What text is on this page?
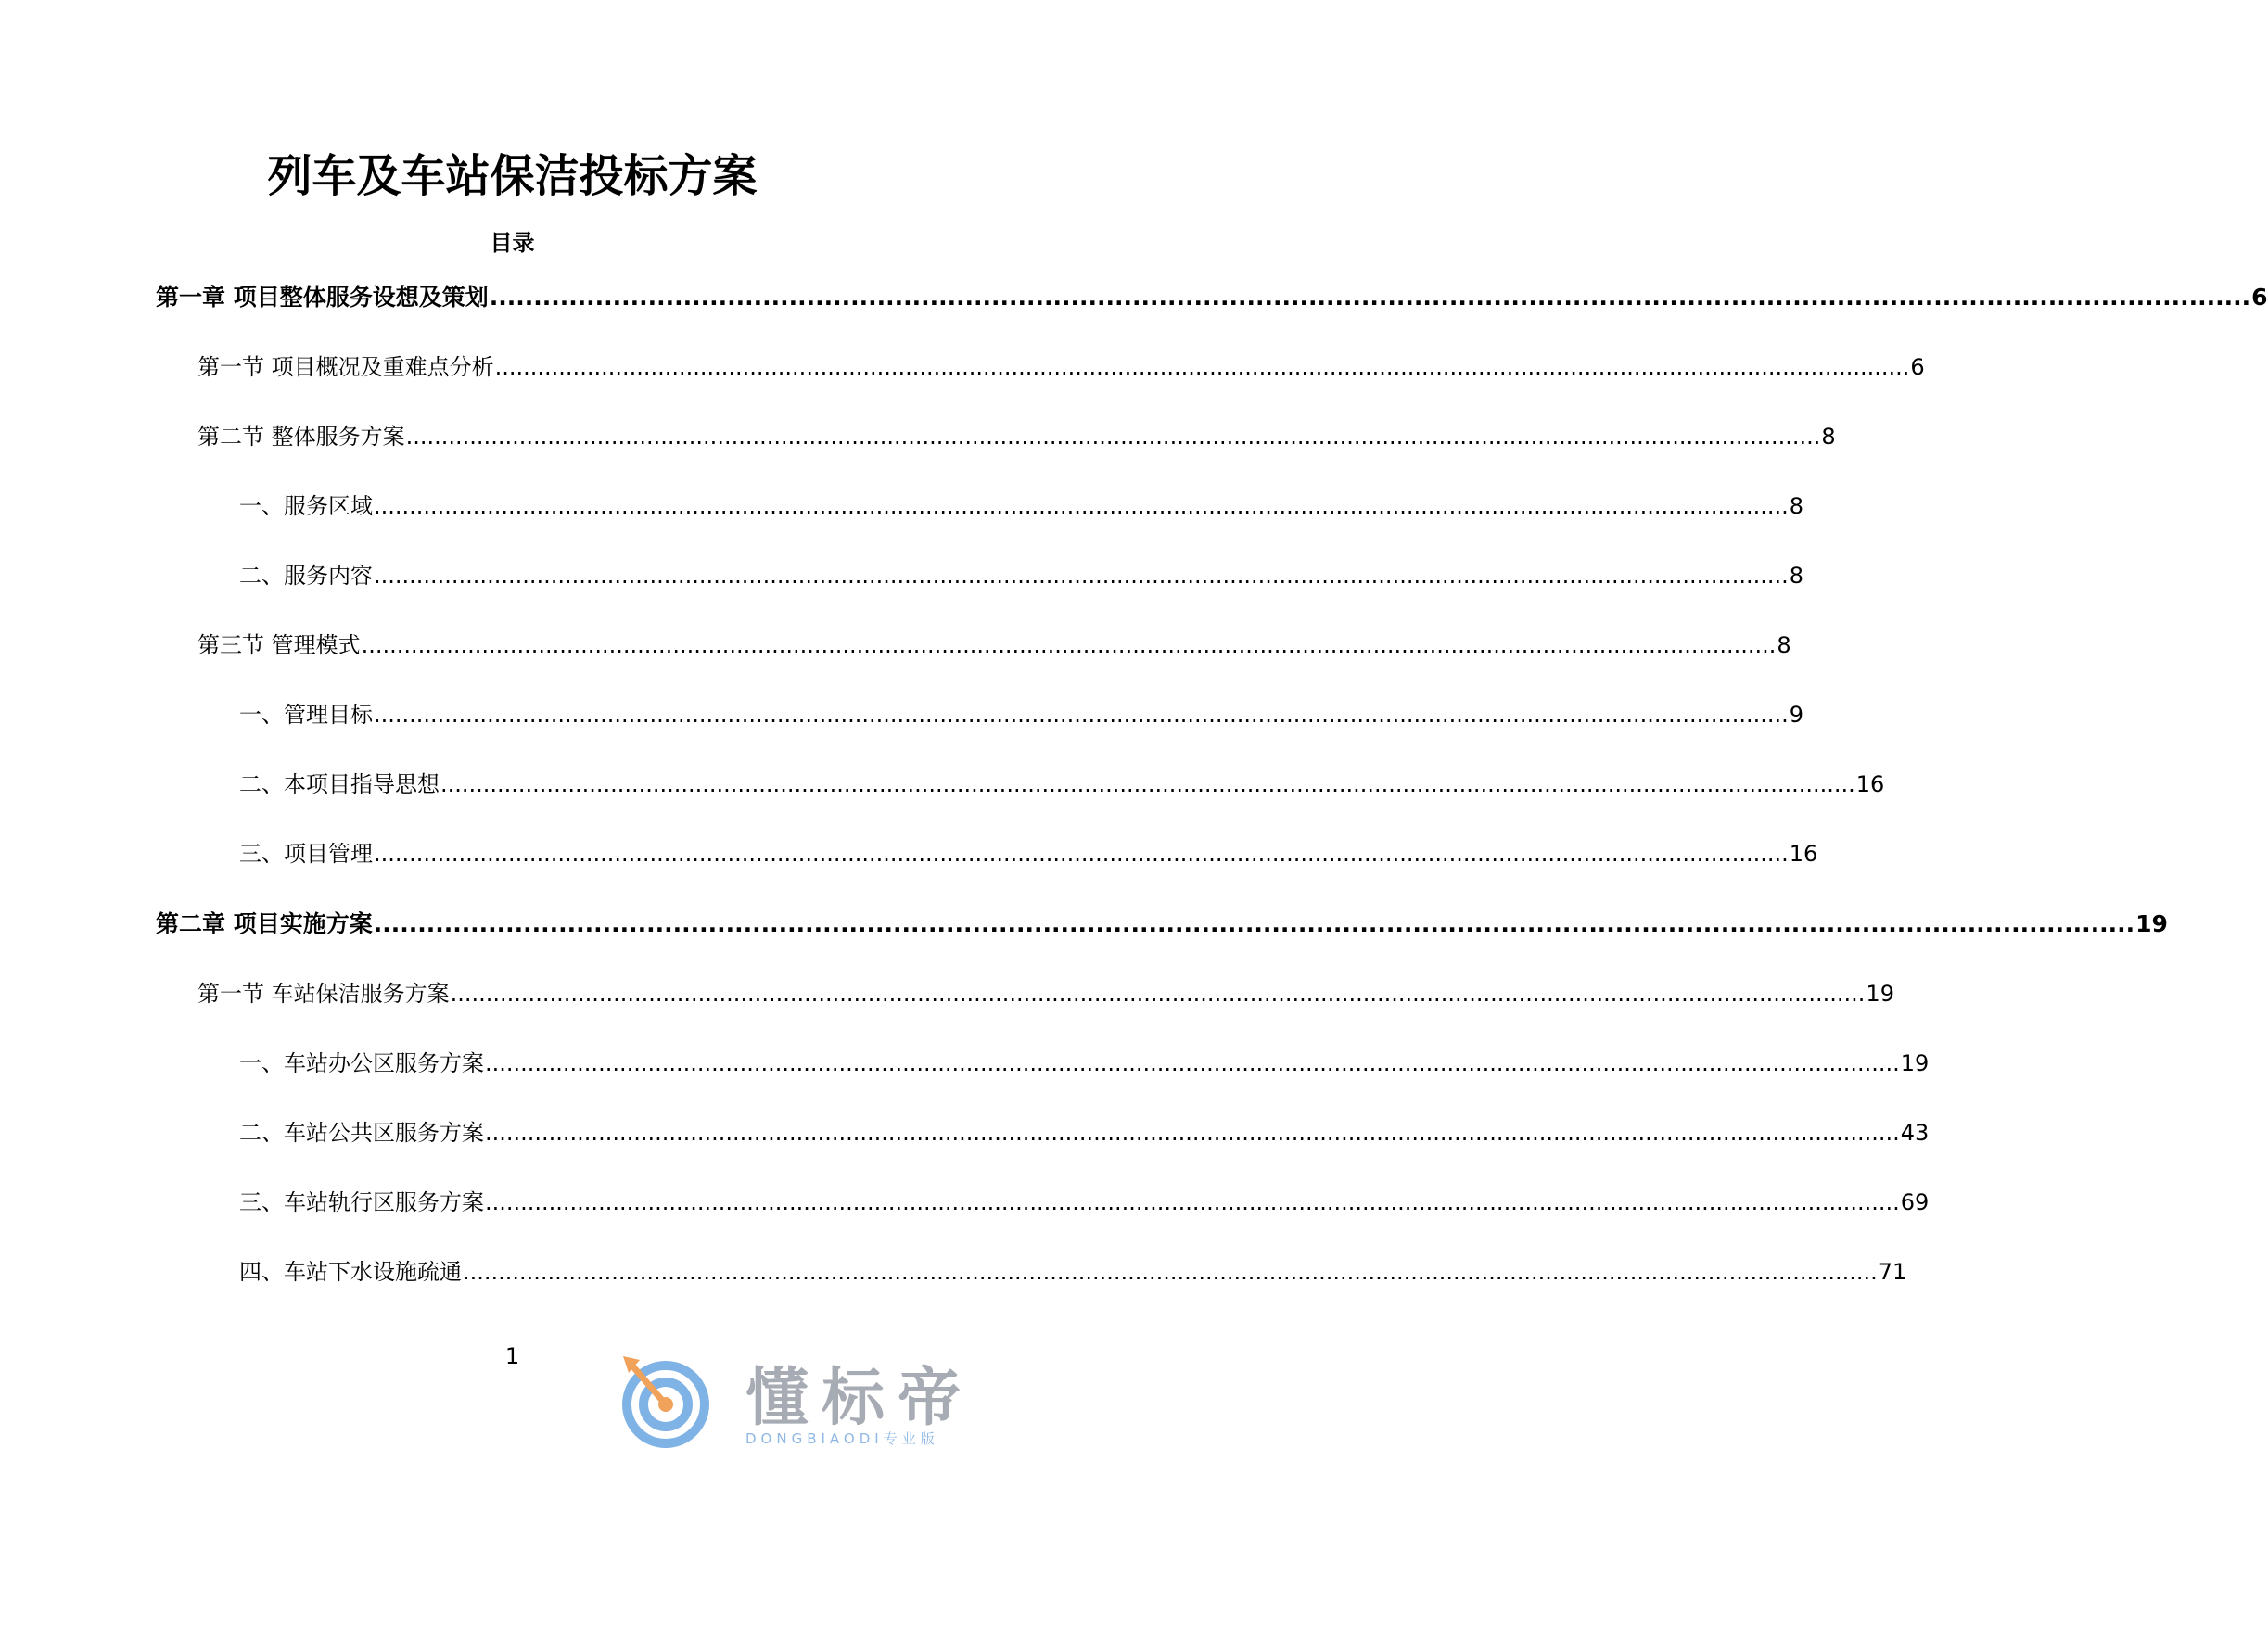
列车及车站保洁投标方案
目录
第一章 项目整体服务设想及策划 ........................................................................................................................................................................................................ 6
第一节 项目概况及重难点分析 ........................................................................................................................................................................................................ 6
第二节 整体服务方案 ........................................................................................................................................................................................................ 8
一、服务区域 ........................................................................................................................................................................................................ 8
二、服务内容 ........................................................................................................................................................................................................ 8
第三节 管理模式 ........................................................................................................................................................................................................ 8
一、管理目标 ........................................................................................................................................................................................................ 9
二、本项目指导思想 ........................................................................................................................................................................................................ 16
三、项目管理 ........................................................................................................................................................................................................ 16
第二章 项目实施方案 ........................................................................................................................................................................................................ 19
第一节 车站保洁服务方案 ........................................................................................................................................................................................................ 19
一、车站办公区服务方案 ........................................................................................................................................................................................................ 19
二、车站公共区服务方案 ........................................................................................................................................................................................................ 43
三、车站轨行区服务方案 ........................................................................................................................................................................................................ 69
四、车站下水设施疏通 ........................................................................................................................................................................................................ 71
1
懂标帝
DONGBIAODI专业版
